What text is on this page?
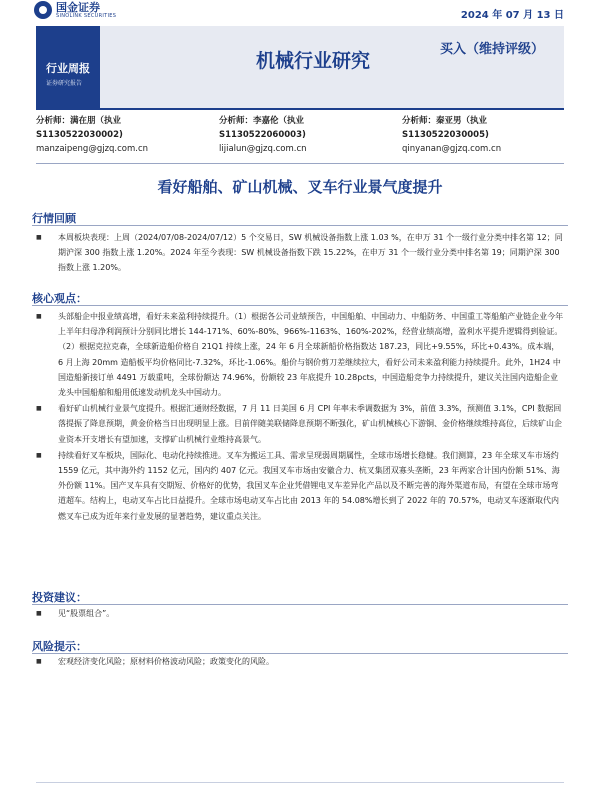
国金证券
SINOLINK SECURITIES	2024 年 07 月 13 日
行业周报
证券研究报告
机械行业研究
买入（维持评级）
分析师：满在朋（执业
S1130522030002)
manzaipeng@gjzq.com.cn
分析师：李嘉伦（执业
S1130522060003)
lijialun@gjzq.com.cn
分析师：秦亚男（执业
S1130522030005)
qinyanan@gjzq.com.cn
看好船舶、矿山机械、叉车行业景气度提升
行情回顾
■ 本周板块表现：上周（2024/07/08-2024/07/12）5 个交易日，SW 机械设备指数上涨 1.03 %，在申万 31 个一级行业分类中排名第 12；同期沪深 300 指数上涨 1.20%。2024 年至今表现：SW 机械设备指数下跌 15.22%，在申万 31 个一级行业分类中排名第 19；同期沪深 300 指数上涨 1.20%。
核心观点：
■ 头部船企中报业绩高增，看好未来盈利持续提升。（1）根据各公司业绩预告，中国船舶、中国动力、中船防务、中国重工等船舶产业链企业今年上半年归母净利润预计分别同比增长 144-171%、60%-80%、966%-1163%、160%-202%，经营业绩高增，盈利水平提升逻辑得到验证。（2）根据克拉克森，全球新造船价格自 21Q1 持续上涨，24 年 6 月全球新船价格指数达 187.23，同比+9.55%，环比+0.43%。成本端，6 月上海 20mm 造船板平均价格同比-7.32%，环比-1.06%。船价与钢价剪刀差继续拉大，看好公司未来盈利能力持续提升。此外，1H24 中国造船新接订单 4491 万载重吨，全球份额达 74.96%，份额较 23 年底提升 10.28pcts，中国造船竞争力持续提升，建议关注国内造船企业龙头中国船舶和船用低速发动机龙头中国动力。
■ 看好矿山机械行业景气度提升。根据汇通财经数据，7 月 11 日美国 6 月 CPI 年率未季调数据为 3%，前值 3.3%，预测值 3.1%，CPI 数据回落提振了降息预期，黄金价格当日出现明显上涨。目前伴随美联储降息预期不断强化，矿山机械核心下游铜、金价格继续维持高位，后续矿山企业资本开支增长有望加速，支撑矿山机械行业维持高景气。
■ 持续看好叉车板块，国际化、电动化持续推进。叉车为搬运工具、需求呈现弱周期属性，全球市场增长稳健。我们测算，23 年全球叉车市场约 1559 亿元，其中海外约 1152 亿元，国内约 407 亿元。我国叉车市场由安徽合力、杭叉集团双寡头垄断，23 年两家合计国内份额 51%、海外份额 11%。国产叉车具有交期短、价格好的优势，我国叉车企业凭借锂电叉车差异化产品以及不断完善的海外渠道布局，有望在全球市场弯道超车。结构上，电动叉车占比日益提升。全球市场电动叉车占比由 2013 年的 54.08%增长到了 2022 年的 70.57%，电动叉车逐渐取代内燃叉车已成为近年来行业发展的显著趋势，建议重点关注。
投资建议：
■ 见“股票组合”。
风险提示：
■ 宏观经济变化风险；原材料价格波动风险；政策变化的风险。
